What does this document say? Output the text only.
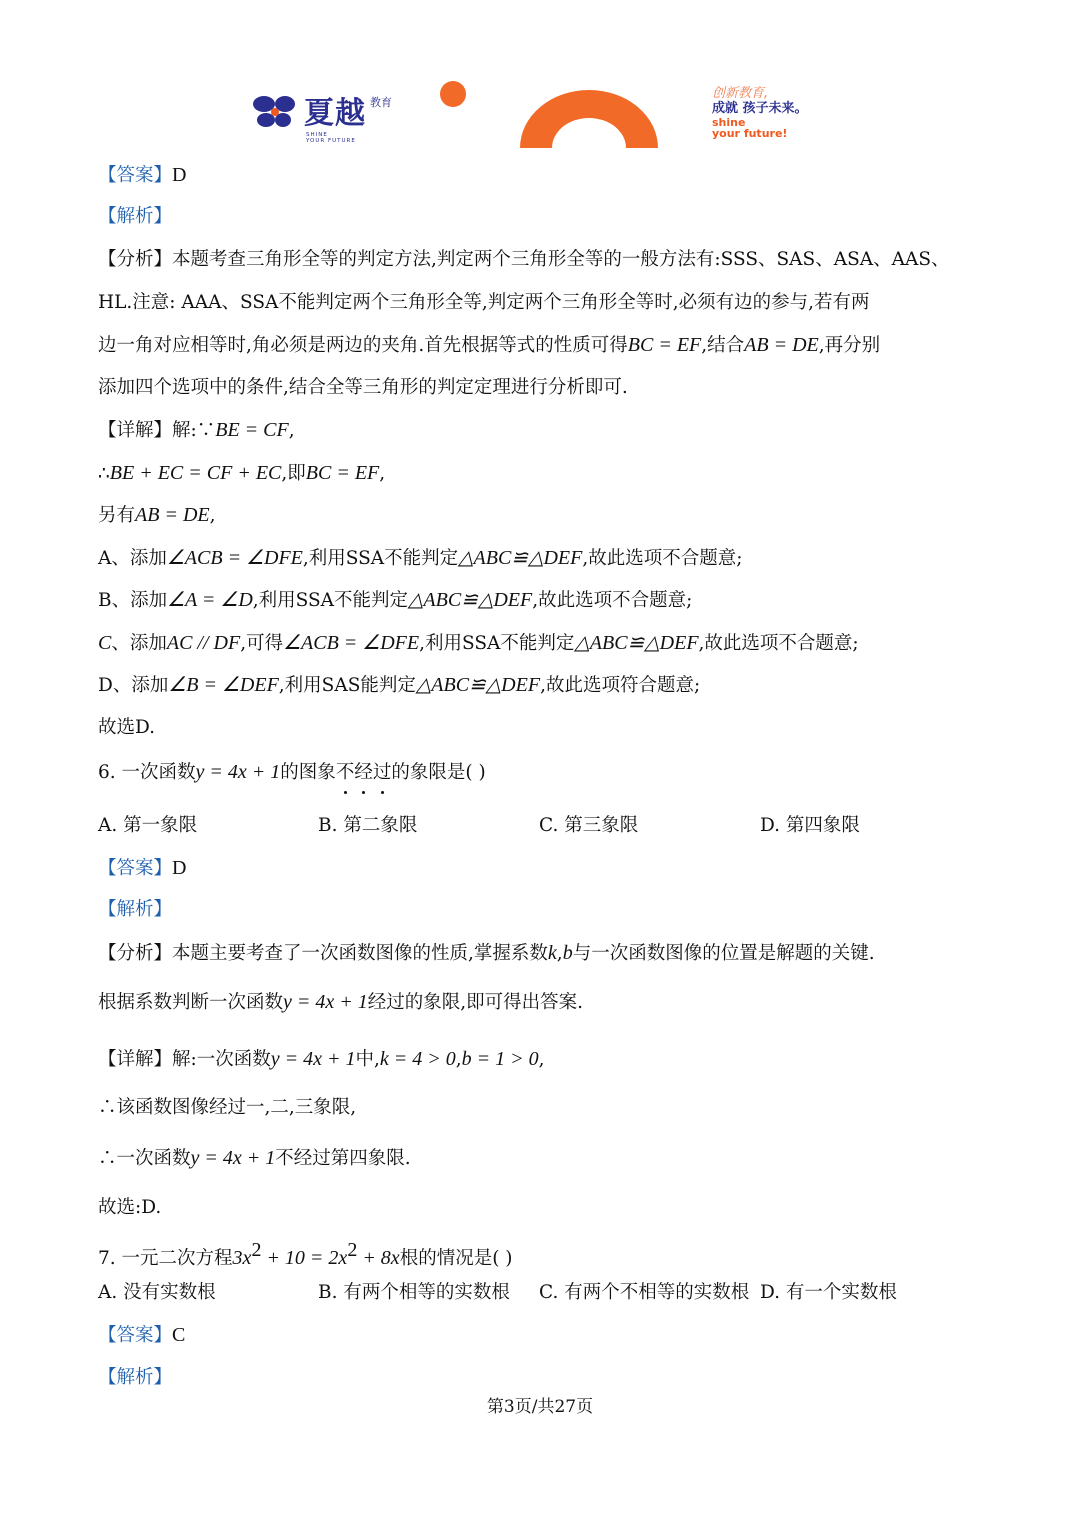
夏越 教育
SHINE
YOUR FUTURE
创新教育,
成就 孩子未来。
shine
your future!
【答案】D
【解析】
【分析】本题考查三角形全等的判定方法,判定两个三角形全等的一般方法有:SSS、SAS、ASA、AAS、
HL.注意: AAA、SSA不能判定两个三角形全等,判定两个三角形全等时,必须有边的参与,若有两
边一角对应相等时,角必须是两边的夹角.首先根据等式的性质可得BC = EF,结合AB = DE,再分别
添加四个选项中的条件,结合全等三角形的判定定理进行分析即可.
【详解】解:∵BE = CF,
∴BE + EC = CF + EC,即BC = EF,
另有AB = DE,
A、添加∠ACB = ∠DFE,利用SSA不能判定△ABC≌△DEF,故此选项不合题意;
B、添加∠A = ∠D,利用SSA不能判定△ABC≌△DEF,故此选项不合题意;
C、添加AC // DF,可得∠ACB = ∠DFE,利用SSA不能判定△ABC≌△DEF,故此选项不合题意;
D、添加∠B = ∠DEF,利用SAS能判定△ABC≌△DEF,故此选项符合题意;
故选D.
6. 一次函数y = 4x + 1的图象不经过的象限是( )
A. 第一象限	B. 第二象限	C. 第三象限	D. 第四象限
【答案】D
【解析】
【分析】本题主要考查了一次函数图像的性质,掌握系数k,b与一次函数图像的位置是解题的关键.
根据系数判断一次函数y = 4x + 1经过的象限,即可得出答案.
【详解】解:一次函数y = 4x + 1中,k = 4 > 0,b = 1 > 0,
∴该函数图像经过一,二,三象限,
∴一次函数y = 4x + 1不经过第四象限.
故选:D.
7. 一元二次方程$3x^2 + 10 = 2x^2 + 8x$根的情况是( )
A. 没有实数根	B. 有两个相等的实数根 C. 有两个不相等的实数根 D. 有一个实数根
【答案】C
【解析】
第3页/共27页
